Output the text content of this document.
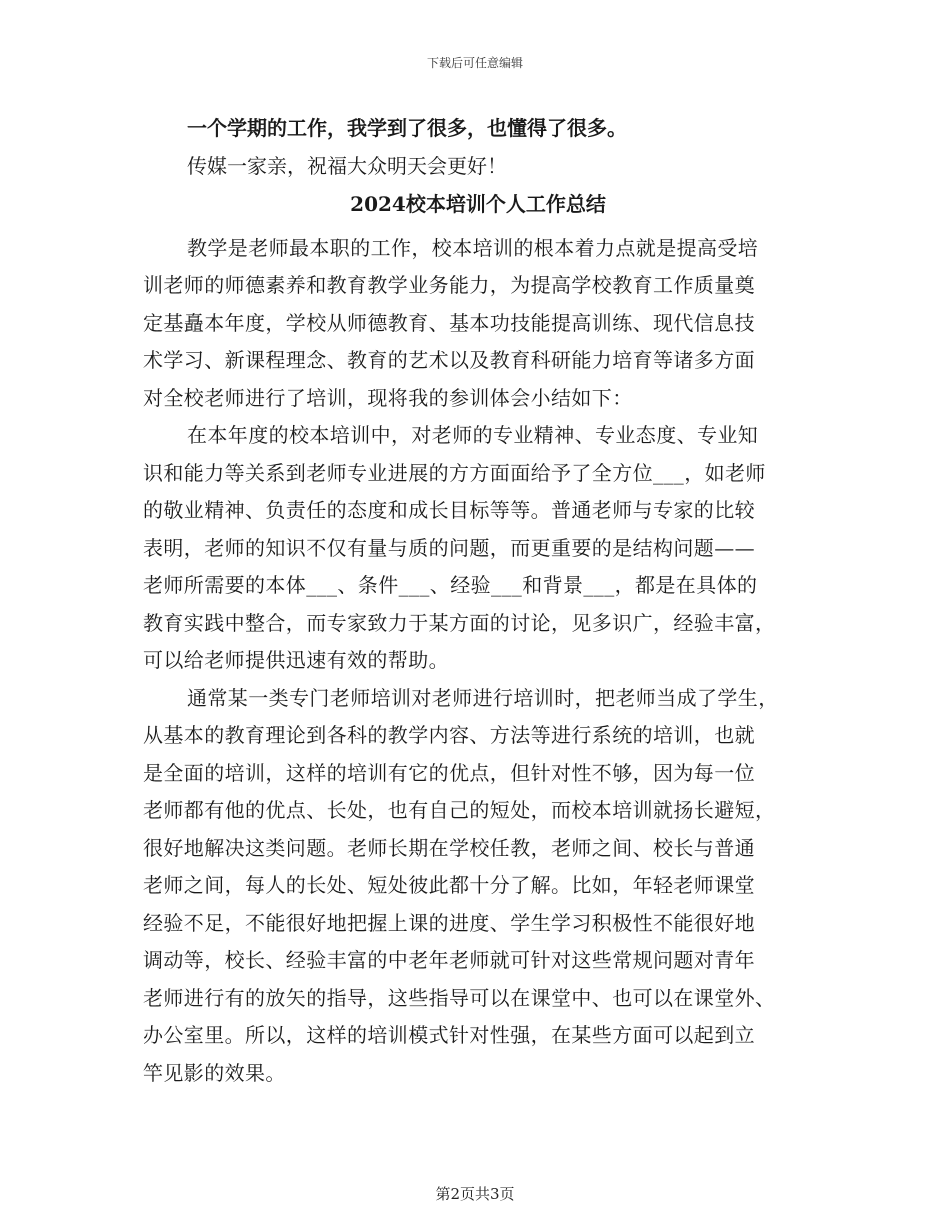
下载后可任意编辑
一个学期的工作，我学到了很多，也懂得了很多。
传媒一家亲，祝福大众明天会更好！
2024校本培训个人工作总结
教学是老师最本职的工作，校本培训的根本着力点就是提高受培
训老师的师德素养和教育教学业务能力，为提高学校教育工作质量奠
定基矗本年度，学校从师德教育、基本功技能提高训练、现代信息技
术学习、新课程理念、教育的艺术以及教育科研能力培育等诸多方面
对全校老师进行了培训，现将我的参训体会小结如下：
在本年度的校本培训中，对老师的专业精神、专业态度、专业知
识和能力等关系到老师专业进展的方方面面给予了全方位___，如老师
的敬业精神、负责任的态度和成长目标等等。普通老师与专家的比较
表明，老师的知识不仅有量与质的问题，而更重要的是结构问题——
老师所需要的本体___、条件___、经验___和背景___，都是在具体的
教育实践中整合，而专家致力于某方面的讨论，见多识广，经验丰富，
可以给老师提供迅速有效的帮助。
通常某一类专门老师培训对老师进行培训时，把老师当成了学生，
从基本的教育理论到各科的教学内容、方法等进行系统的培训，也就
是全面的培训，这样的培训有它的优点，但针对性不够，因为每一位
老师都有他的优点、长处，也有自己的短处，而校本培训就扬长避短，
很好地解决这类问题。老师长期在学校任教，老师之间、校长与普通
老师之间，每人的长处、短处彼此都十分了解。比如，年轻老师课堂
经验不足，不能很好地把握上课的进度、学生学习积极性不能很好地
调动等，校长、经验丰富的中老年老师就可针对这些常规问题对青年
老师进行有的放矢的指导，这些指导可以在课堂中、也可以在课堂外、
办公室里。所以，这样的培训模式针对性强，在某些方面可以起到立
竿见影的效果。
第2页共3页
